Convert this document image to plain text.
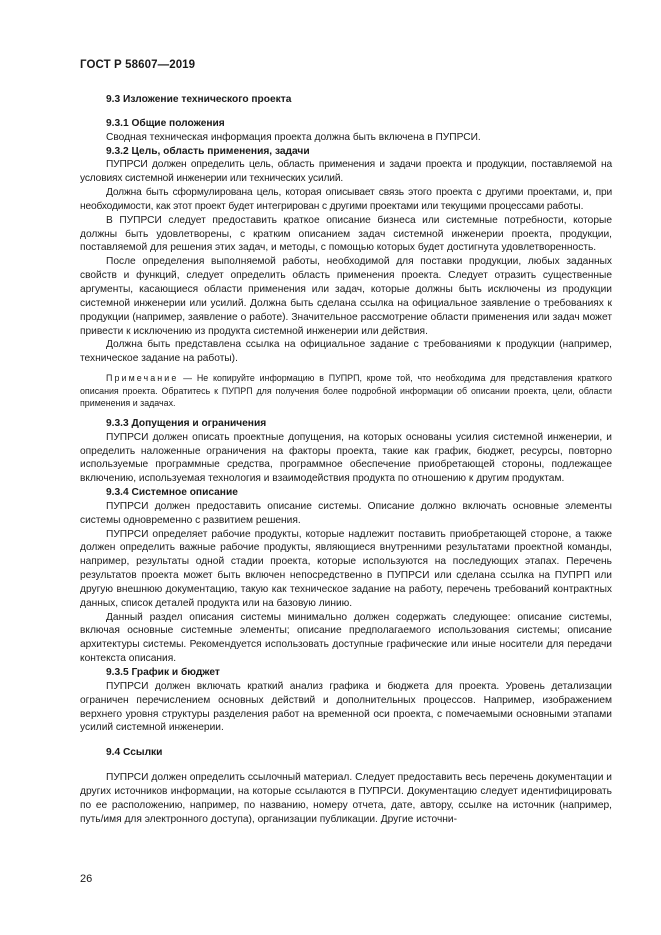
ГОСТ Р 58607—2019
9.3 Изложение технического проекта
9.3.1 Общие положения
Сводная техническая информация проекта должна быть включена в ПУПРСИ.
9.3.2 Цель, область применения, задачи
ПУПРСИ должен определить цель, область применения и задачи проекта и продукции, поставляемой на условиях системной инженерии или технических усилий.
Должна быть сформулирована цель, которая описывает связь этого проекта с другими проектами, и, при необходимости, как этот проект будет интегрирован с другими проектами или текущими процессами работы.
В ПУПРСИ следует предоставить краткое описание бизнеса или системные потребности, которые должны быть удовлетворены, с кратким описанием задач системной инженерии проекта, продукции, поставляемой для решения этих задач, и методы, с помощью которых будет достигнута удовлетворенность.
После определения выполняемой работы, необходимой для поставки продукции, любых заданных свойств и функций, следует определить область применения проекта. Следует отразить существенные аргументы, касающиеся области применения или задач, которые должны быть исключены из продукции системной инженерии или усилий. Должна быть сделана ссылка на официальное заявление о требованиях к продукции (например, заявление о работе). Значительное рассмотрение области применения или задач может привести к исключению из продукта системной инженерии или действия.
Должна быть представлена ссылка на официальное задание с требованиями к продукции (например, техническое задание на работы).
Примечание — Не копируйте информацию в ПУПРП, кроме той, что необходима для представления краткого описания проекта. Обратитесь к ПУПРП для получения более подробной информации об описании проекта, цели, области применения и задачах.
9.3.3 Допущения и ограничения
ПУПРСИ должен описать проектные допущения, на которых основаны усилия системной инженерии, и определить наложенные ограничения на факторы проекта, такие как график, бюджет, ресурсы, повторно используемые программные средства, программное обеспечение приобретающей стороны, подлежащее включению, используемая технология и взаимодействия продукта по отношению к другим продуктам.
9.3.4 Системное описание
ПУПРСИ должен предоставить описание системы. Описание должно включать основные элементы системы одновременно с развитием решения.
ПУПРСИ определяет рабочие продукты, которые надлежит поставить приобретающей стороне, а также должен определить важные рабочие продукты, являющиеся внутренними результатами проектной команды, например, результаты одной стадии проекта, которые используются на последующих этапах. Перечень результатов проекта может быть включен непосредственно в ПУПРСИ или сделана ссылка на ПУПРП или другую внешнюю документацию, такую как техническое задание на работу, перечень требований контрактных данных, список деталей продукта или на базовую линию.
Данный раздел описания системы минимально должен содержать следующее: описание системы, включая основные системные элементы; описание предполагаемого использования системы; описание архитектуры системы. Рекомендуется использовать доступные графические или иные носители для передачи контекста описания.
9.3.5 График и бюджет
ПУПРСИ должен включать краткий анализ графика и бюджета для проекта. Уровень детализации ограничен перечислением основных действий и дополнительных процессов. Например, изображением верхнего уровня структуры разделения работ на временной оси проекта, с помечаемыми основными этапами усилий системной инженерии.
9.4 Ссылки
ПУПРСИ должен определить ссылочный материал. Следует предоставить весь перечень документации и других источников информации, на которые ссылаются в ПУПРСИ. Документацию следует идентифицировать по ее расположению, например, по названию, номеру отчета, дате, автору, ссылке на источник (например, путь/имя для электронного доступа), организации публикации. Другие источни-
26
